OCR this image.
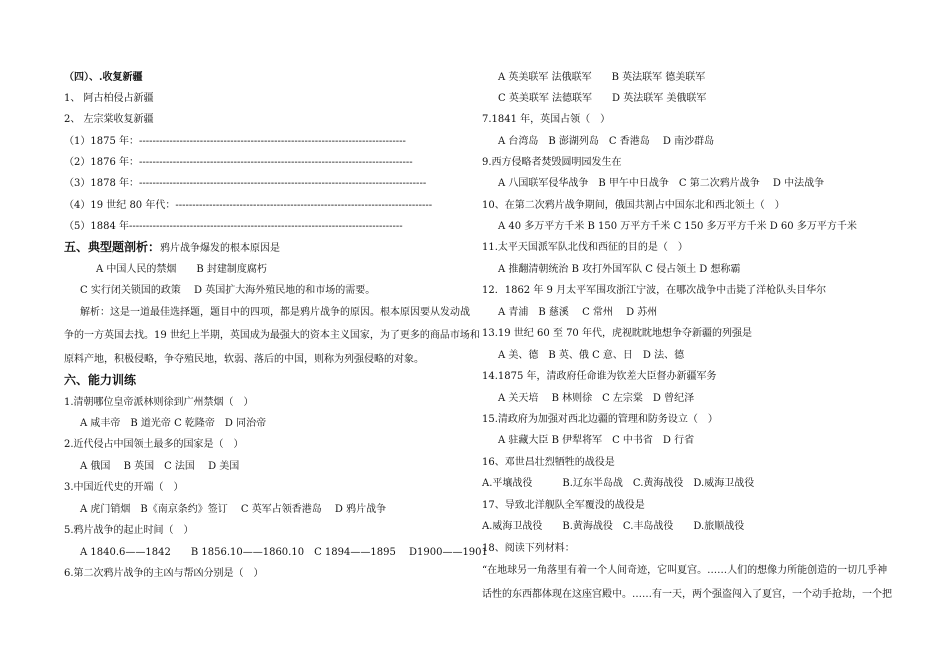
（四）、.收复新疆
1、 阿古柏侵占新疆
2、 左宗棠收复新疆
（1）1875 年：-------------------------------------------------------------------------------
（2）1876 年：---------------------------------------------------------------------------------
（3）1878 年：-------------------------------------------------------------------------------------
（4）19 世纪 80 年代：----------------------------------------------------------------------------
（5）1884 年---------------------------------------------------------------------------------
五、典型题剖析：鸦片战争爆发的根本原因是
A 中国人民的禁烟　　B 封建制度腐朽
C 实行闭关锁国的政策　 D 英国扩大海外殖民地的和市场的需要。
解析：这是一道最佳选择题，题目中的四项，都是鸦片战争的原因。根本原因要从发动战
争的一方英国去找。19 世纪上半期，英国成为最强大的资本主义国家，为了更多的商品市场和
原料产地，积极侵略，争夺殖民地，软弱、落后的中国，则称为列强侵略的对象。
六、能力训练
1.清朝哪位皇帝派林则徐到广州禁烟（　）
A 咸丰帝　B 道光帝 C 乾隆帝　D 同治帝
2.近代侵占中国领土最多的国家是（　）
A 俄国　 B 英国　C 法国　 D 美国
3.中国近代史的开端（　）
A 虎门销烟　B《南京条约》签订　 C 英军占领香港岛　 D 鸦片战争
5.鸦片战争的起止时间（　）
A 1840.6——1842　　B 1856.10——1860.10　C 1894——1895　 D1900——1901
6.第二次鸦片战争的主凶与帮凶分别是（　）
A 英美联军 法俄联军　　B 英法联军 德美联军
C 英美联军 法德联军　　D 英法联军 美俄联军
7.1841 年，英国占领（　）
A 台湾岛　B 澎湖列岛　C 香港岛　 D 南沙群岛
9.西方侵略者焚毁圆明园发生在
A 八国联军侵华战争　B 甲午中日战争　C 第二次鸦片战争　 D 中法战争
10、在第二次鸦片战争期间，俄国共割占中国东北和西北领土（　）
A 40 多万平方千米 B 150 万平方千米 C 150 多万平方千米 D 60 多万平方千米
11.太平天国派军队北伐和西征的目的是（　）
A 推翻清朝统治 B 攻打外国军队 C 侵占领土 D 想称霸
12．1862 年 9 月太平军围攻浙江宁波，在哪次战争中击毙了洋枪队头目华尔
A 青浦　B 慈溪　 C 常州　 D 苏州
13.19 世纪 60 至 70 年代，虎视眈眈地想争夺新疆的列强是
A 美、德　B 英、俄 C 意、日　D 法、德
14.1875 年，清政府任命谁为钦差大臣督办新疆军务
A 关天培　 B 林则徐　C 左宗棠　D 曾纪泽
15.清政府为加强对西北边疆的管理和防务设立（　）
A 驻藏大臣 B 伊犁将军　C 中书省　D 行省
16、邓世昌壮烈牺牲的战役是
A.平壤战役　　　B.辽东半岛战　C.黄海战役　D.威海卫战役
17、导致北洋舰队全军覆没的战役是
A.威海卫战役　　B.黄海战役　C.丰岛战役　　D.旅顺战役
18、阅读下列材料：
“在地球另一角落里有着一个人间奇迹，它叫夏宫。……人们的想像力所能创造的一切几乎神
话性的东西都体现在这座宫殿中。……有一天，两个强盗闯入了夏宫，一个动手抢劫，一个把
